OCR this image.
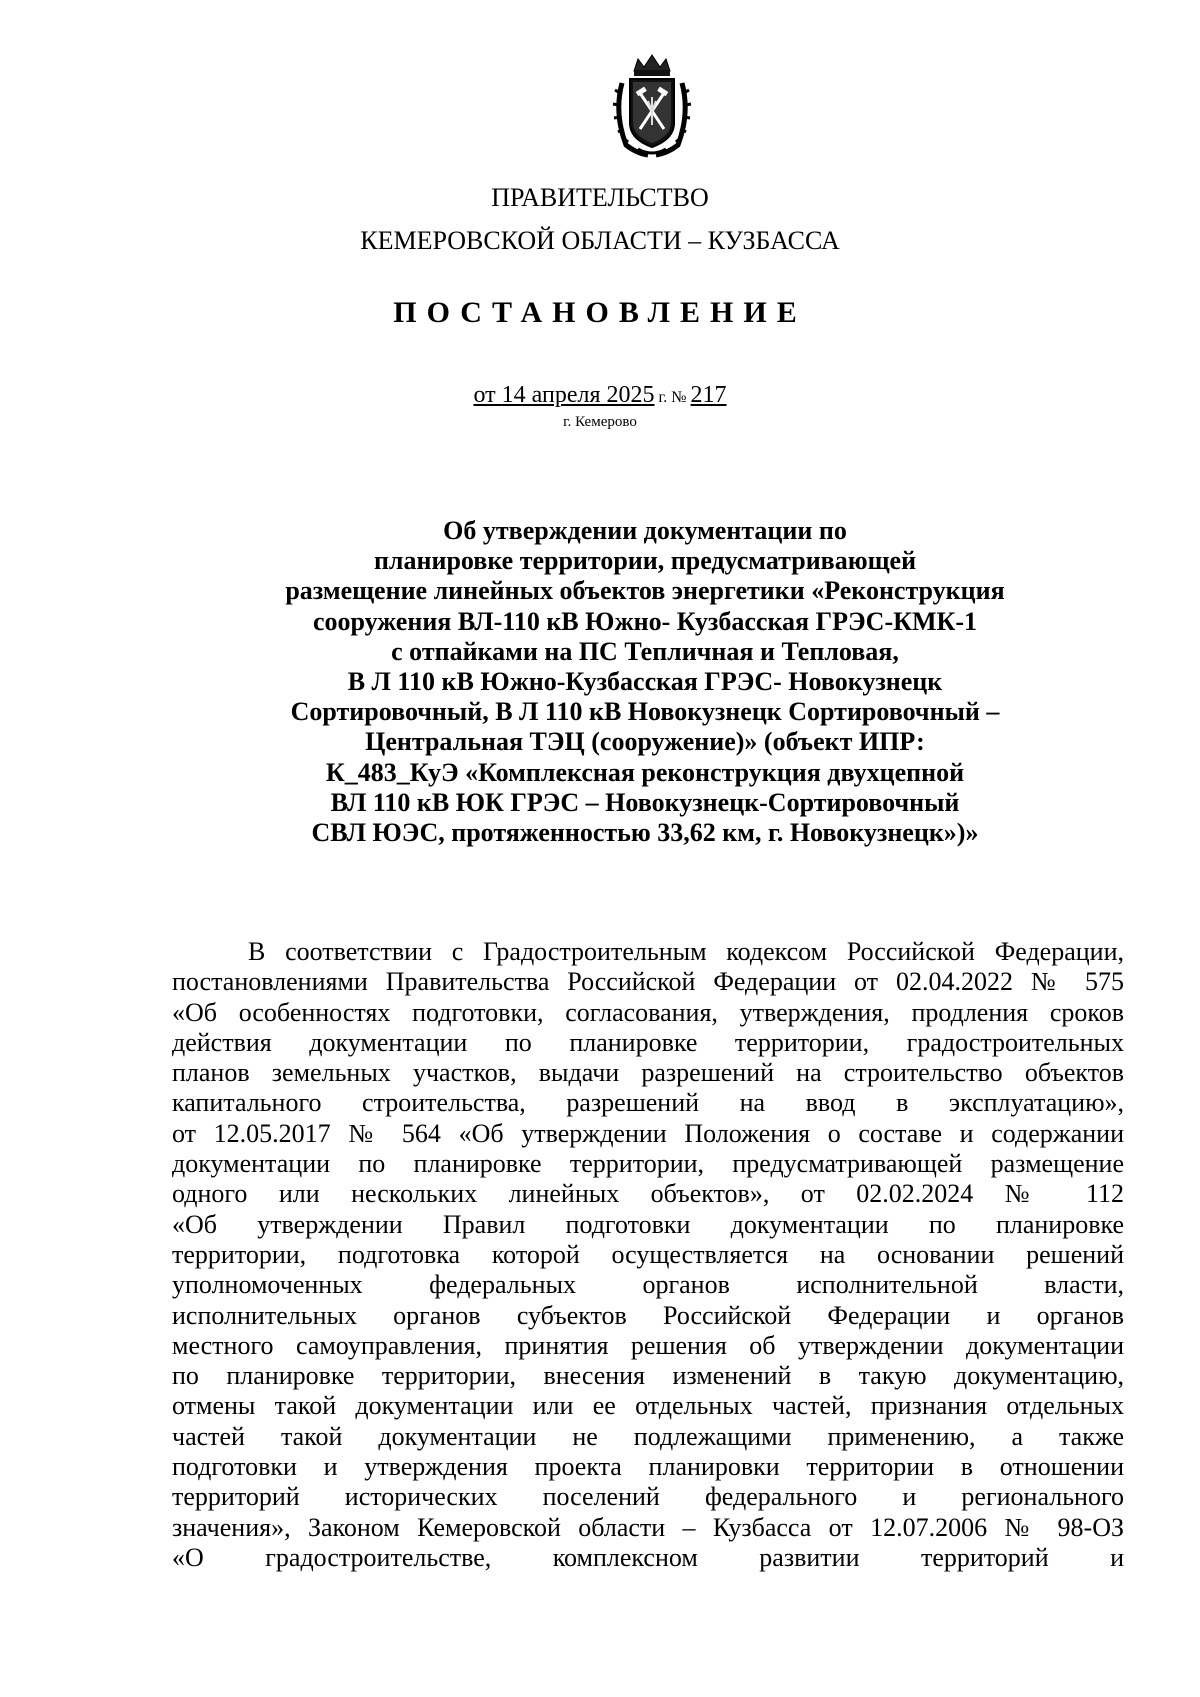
ПРАВИТЕЛЬСТВО
КЕМЕРОВСКОЙ ОБЛАСТИ – КУЗБАССА
ПОСТАНОВЛЕНИЕ
от 14 апреля 2025 г. № 217
г. Кемерово
Об утверждении документации по
планировке территории, предусматривающей
размещение линейных объектов энергетики «Реконструкция
сооружения ВЛ-110 кВ Южно- Кузбасская ГРЭС-КМК-1
с отпайками на ПС Тепличная и Тепловая,
В Л 110 кВ Южно-Кузбасская ГРЭС- Новокузнецк
Сортировочный, В Л 110 кВ Новокузнецк Сортировочный –
Центральная ТЭЦ (сооружение)» (объект ИПР:
К_483_КуЭ «Комплексная реконструкция двухцепной
ВЛ 110 кВ ЮК ГРЭС – Новокузнецк-Сортировочный
СВЛ ЮЭС, протяженностью 33,62 км, г. Новокузнецк»)»
В соответствии с Градостроительным кодексом Российской Федерации,
постановлениями Правительства Российской Федерации от 02.04.2022 № 575
«Об особенностях подготовки, согласования, утверждения, продления сроков
действия документации по планировке территории, градостроительных
планов земельных участков, выдачи разрешений на строительство объектов
капитального строительства, разрешений на ввод в эксплуатацию»,
от 12.05.2017 № 564 «Об утверждении Положения о составе и содержании
документации по планировке территории, предусматривающей размещение
одного или нескольких линейных объектов», от 02.02.2024 № 112
«Об утверждении Правил подготовки документации по планировке
территории, подготовка которой осуществляется на основании решений
уполномоченных федеральных органов исполнительной власти,
исполнительных органов субъектов Российской Федерации и органов
местного самоуправления, принятия решения об утверждении документации
по планировке территории, внесения изменений в такую документацию,
отмены такой документации или ее отдельных частей, признания отдельных
частей такой документации не подлежащими применению, а также
подготовки и утверждения проекта планировки территории в отношении
территорий исторических поселений федерального и регионального
значения», Законом Кемеровской области – Кузбасса от 12.07.2006 № 98-ОЗ
«О градостроительстве, комплексном развитии территорий и
